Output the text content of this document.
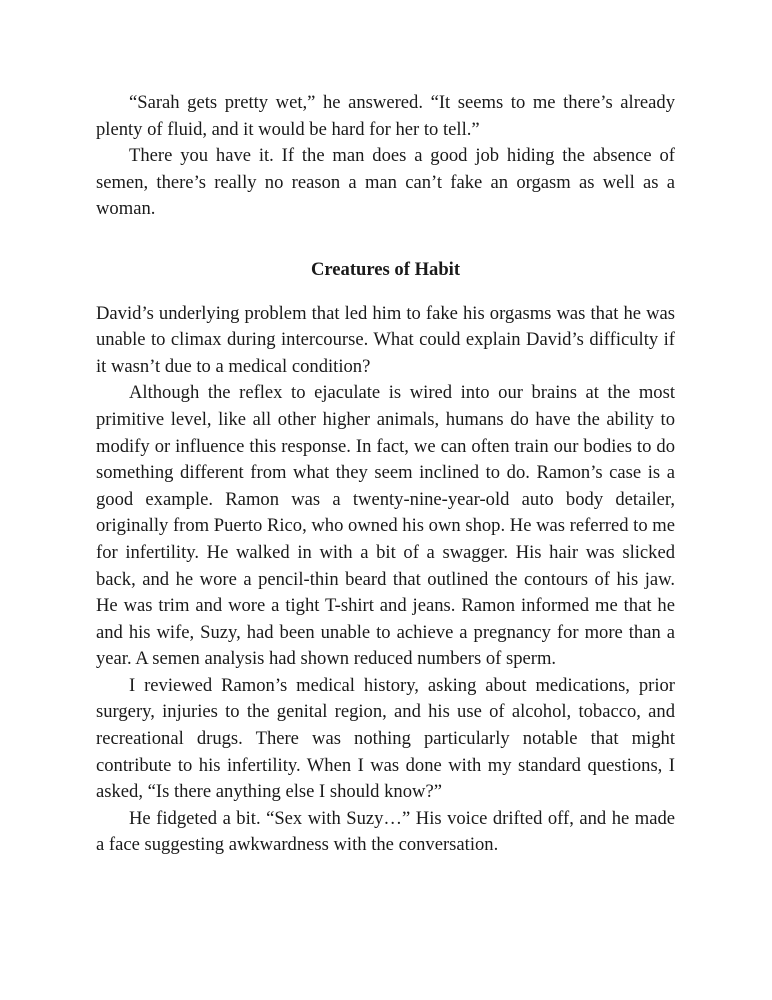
“Sarah gets pretty wet,” he answered. “It seems to me there’s already plenty of fluid, and it would be hard for her to tell.”

There you have it. If the man does a good job hiding the absence of semen, there’s really no reason a man can’t fake an orgasm as well as a woman.

Creatures of Habit

David’s underlying problem that led him to fake his orgasms was that he was unable to climax during intercourse. What could explain David’s difficulty if it wasn’t due to a medical condition?

Although the reflex to ejaculate is wired into our brains at the most primitive level, like all other higher animals, humans do have the ability to modify or influence this response. In fact, we can often train our bodies to do something different from what they seem inclined to do. Ramon’s case is a good example. Ramon was a twenty-nine-year-old auto body detailer, originally from Puerto Rico, who owned his own shop. He was referred to me for infertility. He walked in with a bit of a swagger. His hair was slicked back, and he wore a pencil-thin beard that outlined the contours of his jaw. He was trim and wore a tight T-shirt and jeans. Ramon informed me that he and his wife, Suzy, had been unable to achieve a pregnancy for more than a year. A semen analysis had shown reduced numbers of sperm.

I reviewed Ramon’s medical history, asking about medications, prior surgery, injuries to the genital region, and his use of alcohol, tobacco, and recreational drugs. There was nothing particularly notable that might contribute to his infertility. When I was done with my standard questions, I asked, “Is there anything else I should know?”

He fidgeted a bit. “Sex with Suzy…” His voice drifted off, and he made a face suggesting awkwardness with the conversation.
